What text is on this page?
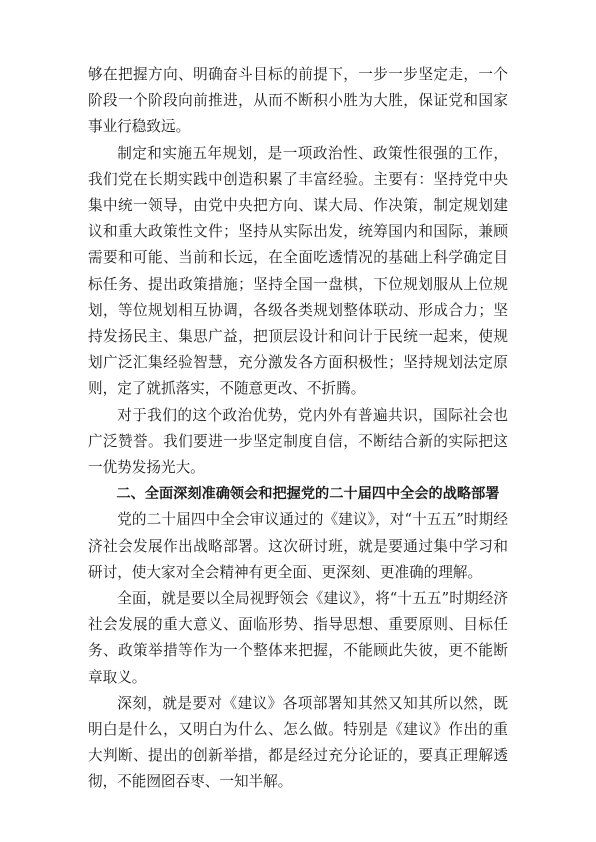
够在把握方向、明确奋斗目标的前提下，一步一步坚定走，一个阶段一个阶段向前推进，从而不断积小胜为大胜，保证党和国家事业行稳致远。

制定和实施五年规划，是一项政治性、政策性很强的工作，我们党在长期实践中创造积累了丰富经验。主要有：坚持党中央集中统一领导，由党中央把方向、谋大局、作决策，制定规划建议和重大政策性文件；坚持从实际出发，统筹国内和国际，兼顾需要和可能、当前和长远，在全面吃透情况的基础上科学确定目标任务、提出政策措施；坚持全国一盘棋，下位规划服从上位规划，等位规划相互协调，各级各类规划整体联动、形成合力；坚持发扬民主、集思广益，把顶层设计和问计于民统一起来，使规划广泛汇集经验智慧，充分激发各方面积极性；坚持规划法定原则，定了就抓落实，不随意更改、不折腾。

对于我们的这个政治优势，党内外有普遍共识，国际社会也广泛赞誉。我们要进一步坚定制度自信，不断结合新的实际把这一优势发扬光大。

二、全面深刻准确领会和把握党的二十届四中全会的战略部署

党的二十届四中全会审议通过的《建议》，对“十五五”时期经济社会发展作出战略部署。这次研讨班，就是要通过集中学习和研讨，使大家对全会精神有更全面、更深刻、更准确的理解。

全面，就是要以全局视野领会《建议》，将“十五五”时期经济社会发展的重大意义、面临形势、指导思想、重要原则、目标任务、政策举措等作为一个整体来把握，不能顾此失彼，更不能断章取义。

深刻，就是要对《建议》各项部署知其然又知其所以然，既明白是什么，又明白为什么、怎么做。特别是《建议》作出的重大判断、提出的创新举措，都是经过充分论证的，要真正理解透彻，不能囫囵吞枣、一知半解。
